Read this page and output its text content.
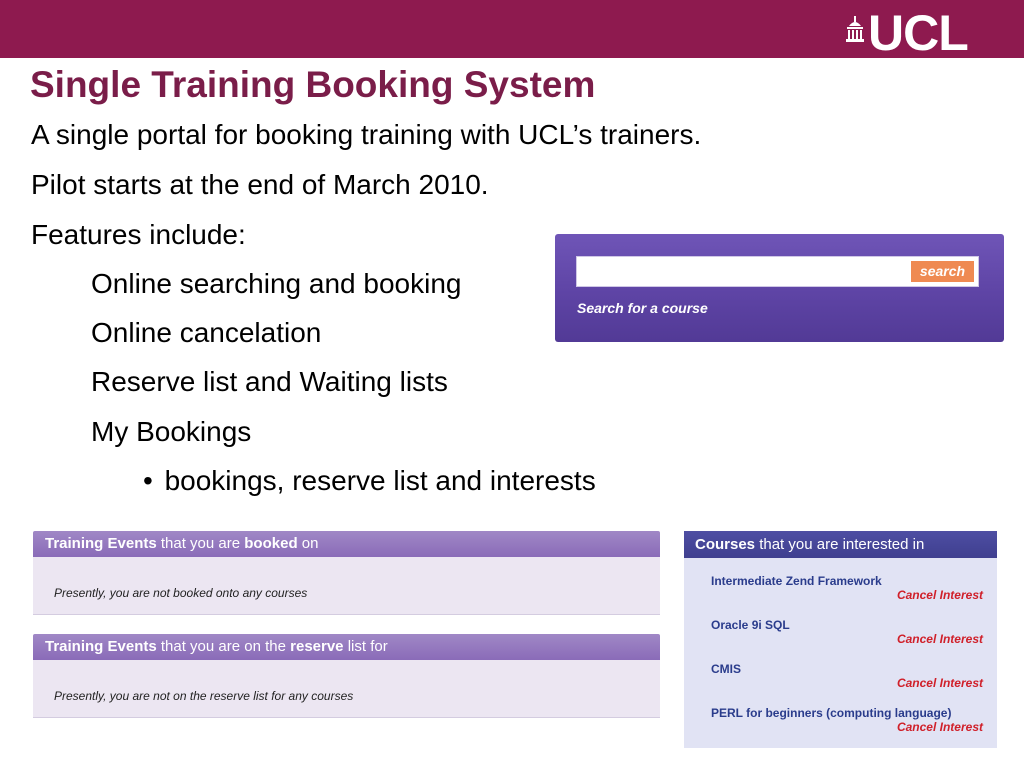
UCL
Single Training Booking System
A single portal for booking training with UCL’s trainers.
Pilot starts at the end of March 2010.
Features include:
Online searching and booking
Online cancelation
Reserve list and Waiting lists
My Bookings
• bookings, reserve list and interests
search
Search for a course
Training Events that you are booked on
Presently, you are not booked onto any courses
Training Events that you are on the reserve list for
Presently, you are not on the reserve list for any courses
Courses that you are interested in
Intermediate Zend Framework
Cancel Interest
Oracle 9i SQL
Cancel Interest
CMIS
Cancel Interest
PERL for beginners (computing language)
Cancel Interest
